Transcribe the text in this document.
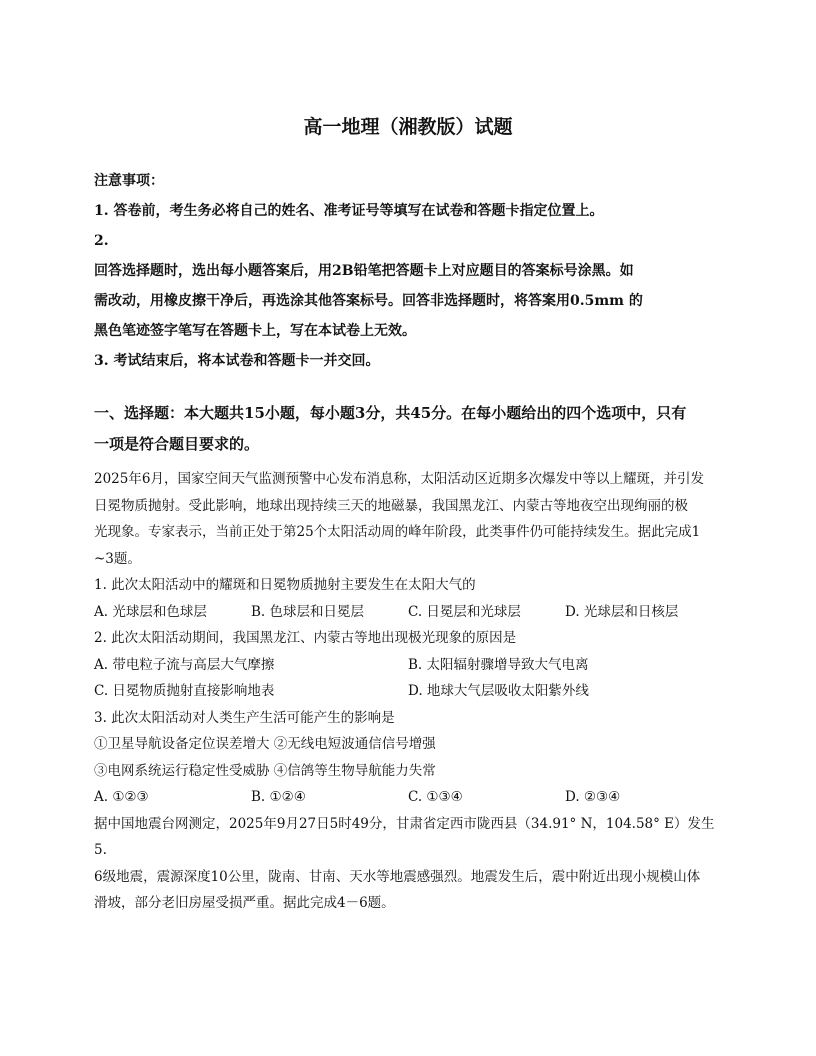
高一地理（湘教版）试题

注意事项：

1. 答卷前，考生务必将自己的姓名、准考证号等填写在试卷和答题卡指定位置上。

2.

回答选择题时，选出每小题答案后，用2B铅笔把答题卡上对应题目的答案标号涂黑。如

需改动，用橡皮擦干净后，再选涂其他答案标号。回答非选择题时，将答案用0.5mm 的

黑色笔迹签字笔写在答题卡上，写在本试卷上无效。

3. 考试结束后，将本试卷和答题卡一并交回。

一、选择题：本大题共15小题，每小题3分，共45分。在每小题给出的四个选项中，只有
一项是符合题目要求的。

2025年6月，国家空间天气监测预警中心发布消息称，太阳活动区近期多次爆发中等以上耀斑，并引发

日冕物质抛射。受此影响，地球出现持续三天的地磁暴，我国黑龙江、内蒙古等地夜空出现绚丽的极

光现象。专家表示，当前正处于第25个太阳活动周的峰年阶段，此类事件仍可能持续发生。据此完成1

~3题。

1. 此次太阳活动中的耀斑和日冕物质抛射主要发生在太阳大气的

A. 光球层和色球层	B. 色球层和日冕层	C. 日冕层和光球层	D. 光球层和日核层

2. 此次太阳活动期间，我国黑龙江、内蒙古等地出现极光现象的原因是

A. 带电粒子流与高层大气摩擦	B. 太阳辐射骤增导致大气电离
C. 日冕物质抛射直接影响地表	D. 地球大气层吸收太阳紫外线

3. 此次太阳活动对人类生产生活可能产生的影响是

①卫星导航设备定位误差增大 ②无线电短波通信信号增强

③电网系统运行稳定性受威胁 ④信鸽等生物导航能力失常

A. ①②③	B. ①②④	C. ①③④	D. ②③④

据中国地震台网测定，2025年9月27日5时49分，甘肃省定西市陇西县（34.91° N，104.58° E）发生5.

6级地震，震源深度10公里，陇南、甘南、天水等地震感强烈。地震发生后，震中附近出现小规模山体

滑坡，部分老旧房屋受损严重。据此完成4－6题。
